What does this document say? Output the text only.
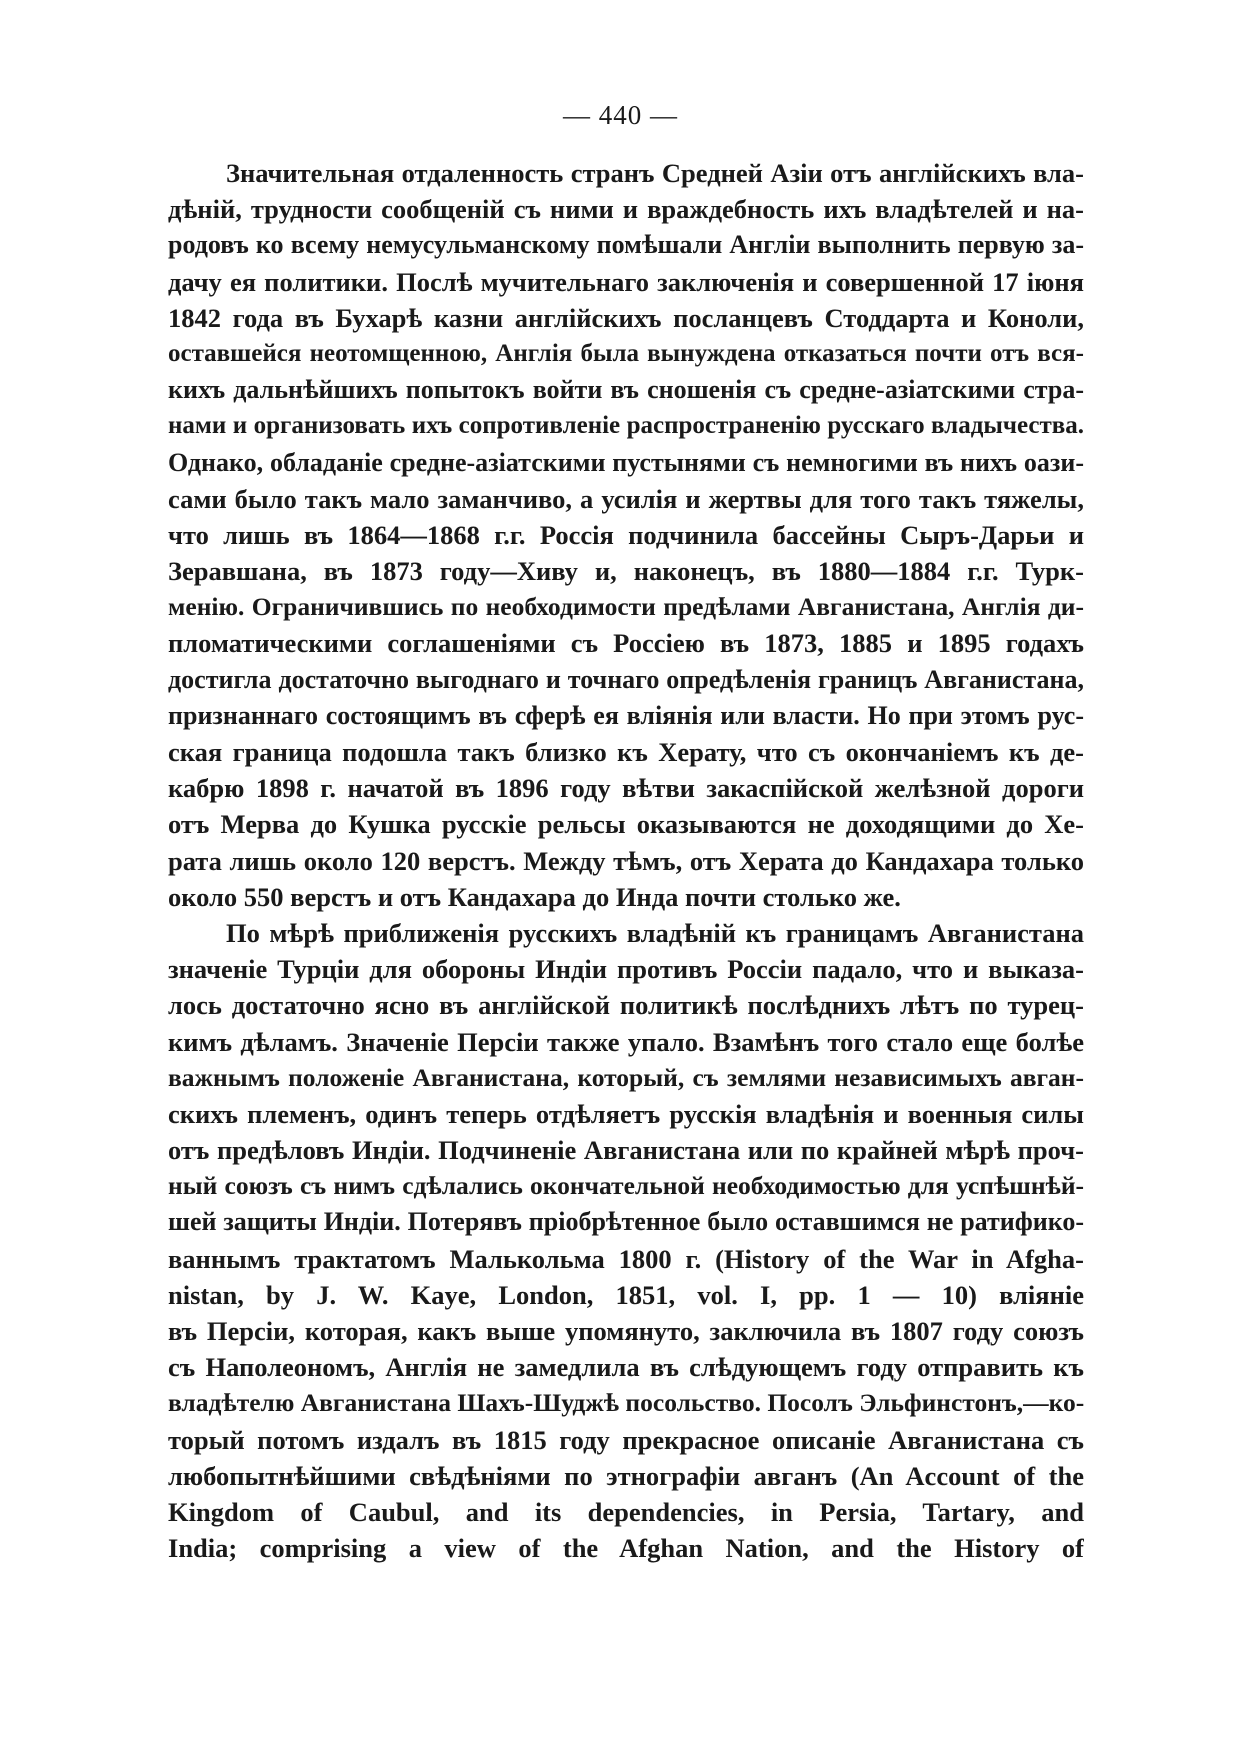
— 440 —
Значительная отдаленность странъ Средней Азiи отъ англiйскихъ вла-
дѣнiй, трудности сообщенiй съ ними и враждебность ихъ владѣтелей и на-
родовъ ко всему немусульманскому помѣшали Англiи выполнить первую за-
дачу ея политики. Послѣ мучительнаго заключенiя и совершенной 17 iюня
1842 года въ Бухарѣ казни англiйскихъ посланцевъ Стоддарта и Коноли,
оставшейся неотомщенною, Англiя была вынуждена отказаться почти отъ вся-
кихъ дальнѣйшихъ попытокъ войти въ сношенiя съ средне-азiатскими стра-
нами и организовать ихъ сопротивленiе распространенiю русскаго владычества.
Однако, обладанiе средне-азiатскими пустынями съ немногими въ нихъ оази-
сами было такъ мало заманчиво, а усилiя и жертвы для того такъ тяжелы,
что лишь въ 1864—1868 г.г. Россiя подчинила бассейны Сыръ-Дарьи и
Зеравшана, въ 1873 году—Хиву и, наконецъ, въ 1880—1884 г.г. Турк-
менiю. Ограничившись по необходимости предѣлами Авганистана, Англiя ди-
пломатическими соглашенiями съ Россiею въ 1873, 1885 и 1895 годахъ
достигла достаточно выгоднаго и точнаго опредѣленiя границъ Авганистана,
признаннаго состоящимъ въ сферѣ ея влiянiя или власти. Но при этомъ рус-
ская граница подошла такъ близко къ Херату, что съ окончанiемъ къ де-
кабрю 1898 г. начатой въ 1896 году вѣтви закаспiйской желѣзной дороги
отъ Мерва до Кушка русскiе рельсы оказываются не доходящими до Хе-
рата лишь около 120 верстъ. Между тѣмъ, отъ Херата до Кандахара только
около 550 верстъ и отъ Кандахара до Инда почти столько же.
По мѣрѣ приближенiя русскихъ владѣнiй къ границамъ Авганистана
значенiе Турцiи для обороны Индiи противъ Россiи падало, что и выказа-
лось достаточно ясно въ англiйской политикѣ послѣднихъ лѣтъ по турец-
кимъ дѣламъ. Значенiе Персiи также упало. Взамѣнъ того стало еще болѣе
важнымъ положенiе Авганистана, который, съ землями независимыхъ авган-
скихъ племенъ, одинъ теперь отдѣляетъ русскiя владѣнiя и военныя силы
отъ предѣловъ Индiи. Подчиненiе Авганистана или по крайней мѣрѣ проч-
ный союзъ съ нимъ сдѣлались окончательной необходимостью для успѣшнѣй-
шей защиты Индiи. Потерявъ прiобрѣтенное было оставшимся не ратифико-
ваннымъ трактатомъ Малькольма 1800 г. (History of the War in Afgha-
nistan, by J. W. Kaye, London, 1851, vol. I, pp. 1 — 10) влiянiе
въ Персiи, которая, какъ выше упомянуто, заключила въ 1807 году союзъ
съ Наполеономъ, Англiя не замедлила въ слѣдующемъ году отправить къ
владѣтелю Авганистана Шахъ-Шуджѣ посольство. Посолъ Эльфинстонъ,—ко-
торый потомъ издалъ въ 1815 году прекрасное описанiе Авганистана съ
любопытнѣйшими свѣдѣнiями по этнографiи авганъ (An Account of the
Kingdom of Caubul, and its dependencies, in Persia, Tartary, and
India; comprising a view of the Afghan Nation, and the History of
